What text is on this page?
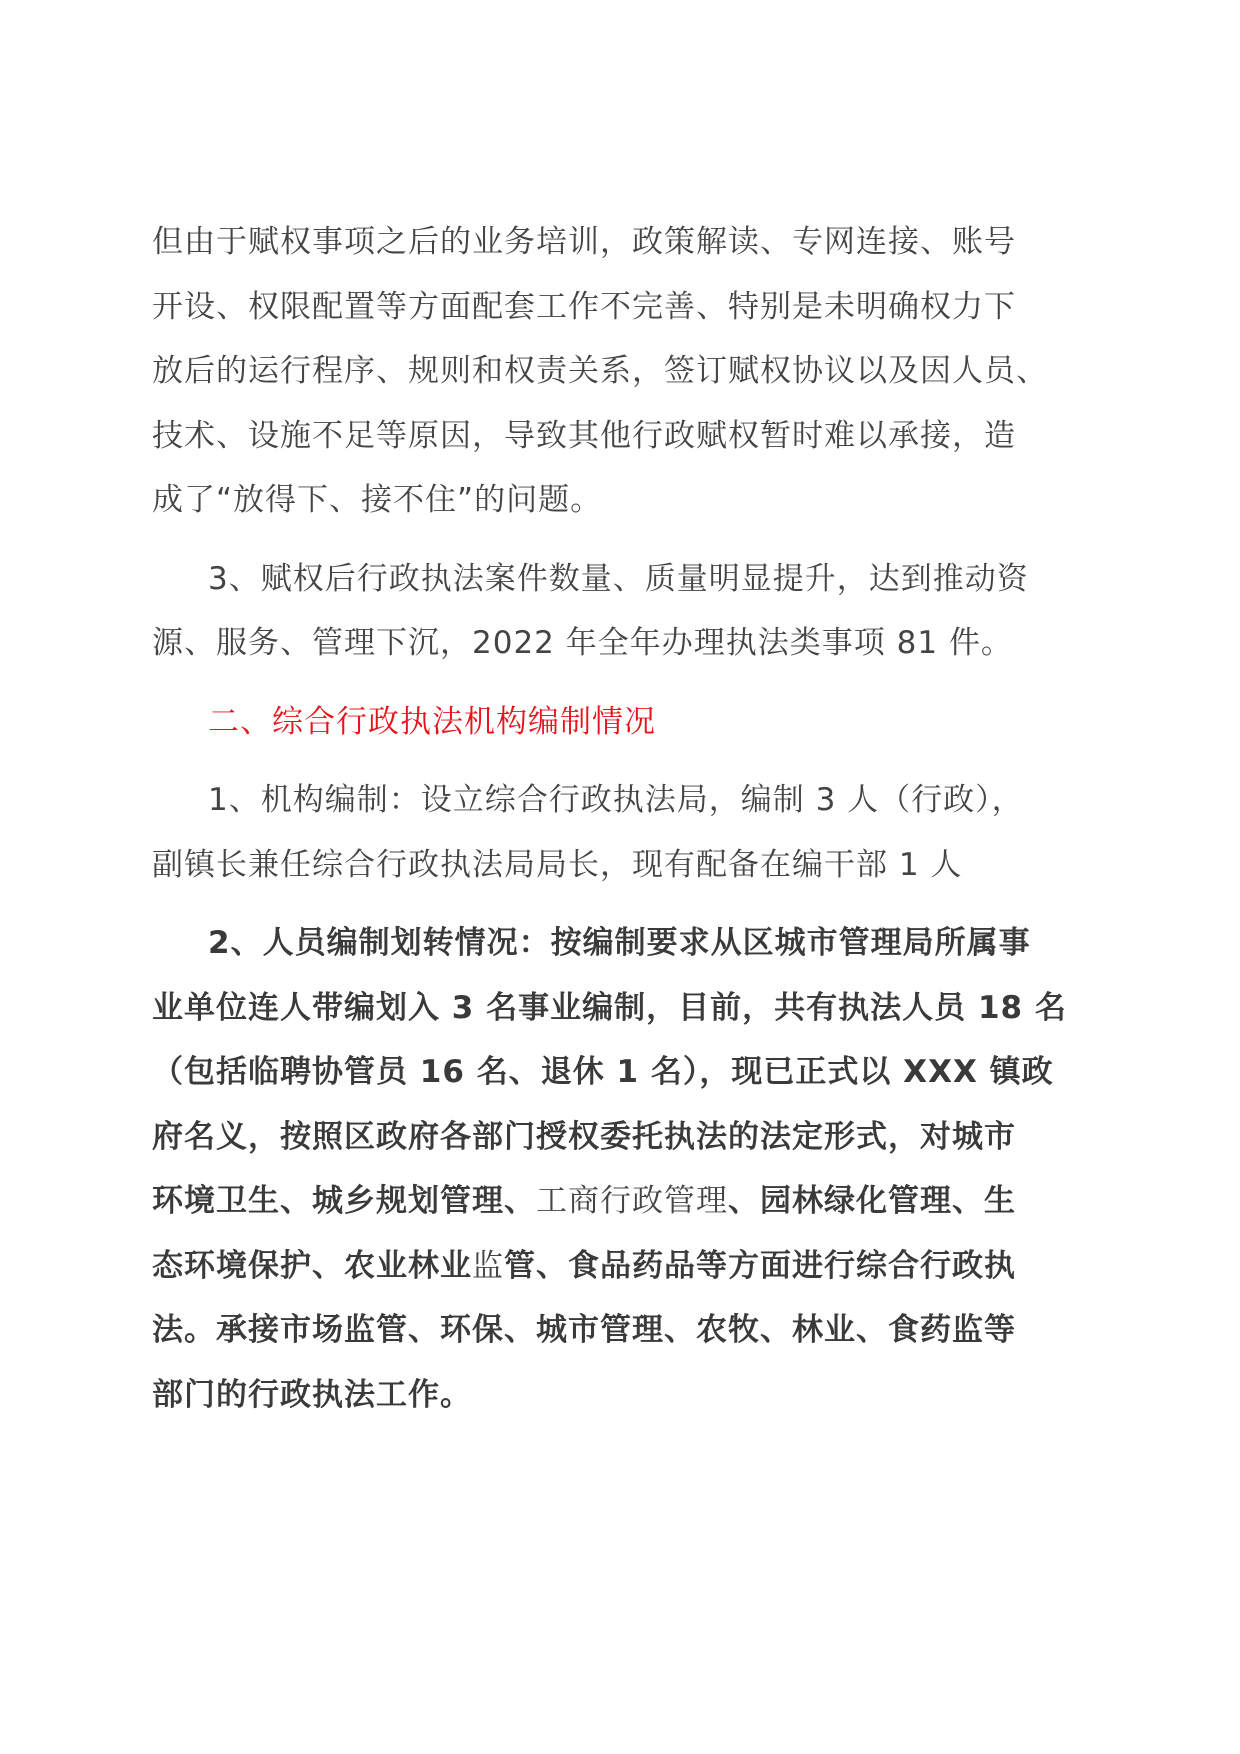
但由于赋权事项之后的业务培训，政策解读、专网连接、账号
开设、权限配置等方面配套工作不完善、特别是未明确权力下
放后的运行程序、规则和权责关系，签订赋权协议以及因人员、
技术、设施不足等原因，导致其他行政赋权暂时难以承接，造
成了“放得下、接不住”的问题。
3、赋权后行政执法案件数量、质量明显提升，达到推动资
源、服务、管理下沉，2022 年全年办理执法类事项 81 件。
二、综合行政执法机构编制情况
1、机构编制：设立综合行政执法局，编制 3 人（行政），
副镇长兼任综合行政执法局局长，现有配备在编干部 1 人
2、人员编制划转情况：按编制要求从区城市管理局所属事
业单位连人带编划入 3 名事业编制，目前，共有执法人员 18 名
（包括临聘协管员 16 名、退休 1 名），现已正式以 XXX 镇政
府名义，按照区政府各部门授权委托执法的法定形式，对城市
环境卫生、城乡规划管理、工商行政管理、园林绿化管理、生
态环境保护、农业林业监管、食品药品等方面进行综合行政执
法。承接市场监管、环保、城市管理、农牧、林业、食药监等
部门的行政执法工作。
